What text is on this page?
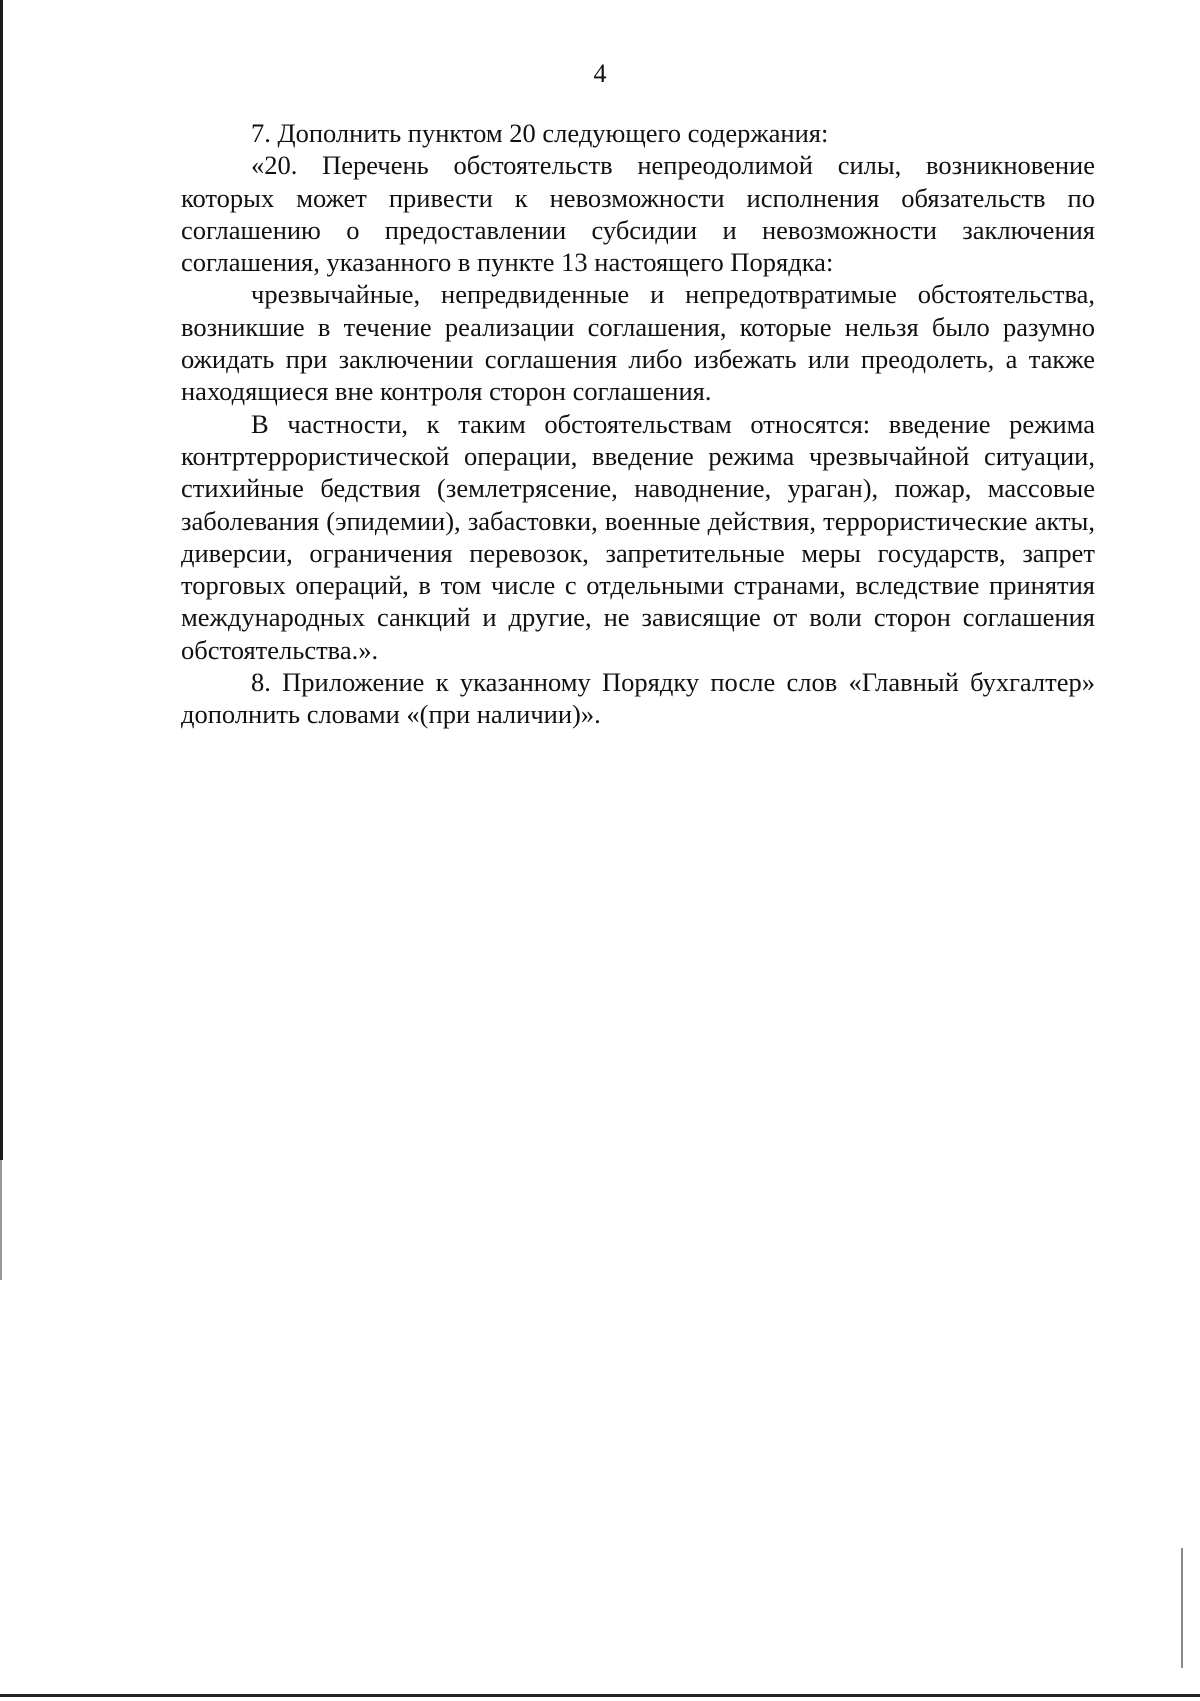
4

7. Дополнить пунктом 20 следующего содержания:

«20. Перечень обстоятельств непреодолимой силы, возникновение которых может привести к невозможности исполнения обязательств по соглашению о предоставлении субсидии и невозможности заключения соглашения, указанного в пункте 13 настоящего Порядка:

чрезвычайные, непредвиденные и непредотвратимые обстоятельства, возникшие в течение реализации соглашения, которые нельзя было разумно ожидать при заключении соглашения либо избежать или преодолеть, а также находящиеся вне контроля сторон соглашения.

В частности, к таким обстоятельствам относятся: введение режима контртеррористической операции, введение режима чрезвычайной ситуации, стихийные бедствия (землетрясение, наводнение, ураган), пожар, массовые заболевания (эпидемии), забастовки, военные действия, террористические акты, диверсии, ограничения перевозок, запретительные меры государств, запрет торговых операций, в том числе с отдельными странами, вследствие принятия международных санкций и другие, не зависящие от воли сторон соглашения обстоятельства.».

8. Приложение к указанному Порядку после слов «Главный бухгалтер» дополнить словами «(при наличии)».
